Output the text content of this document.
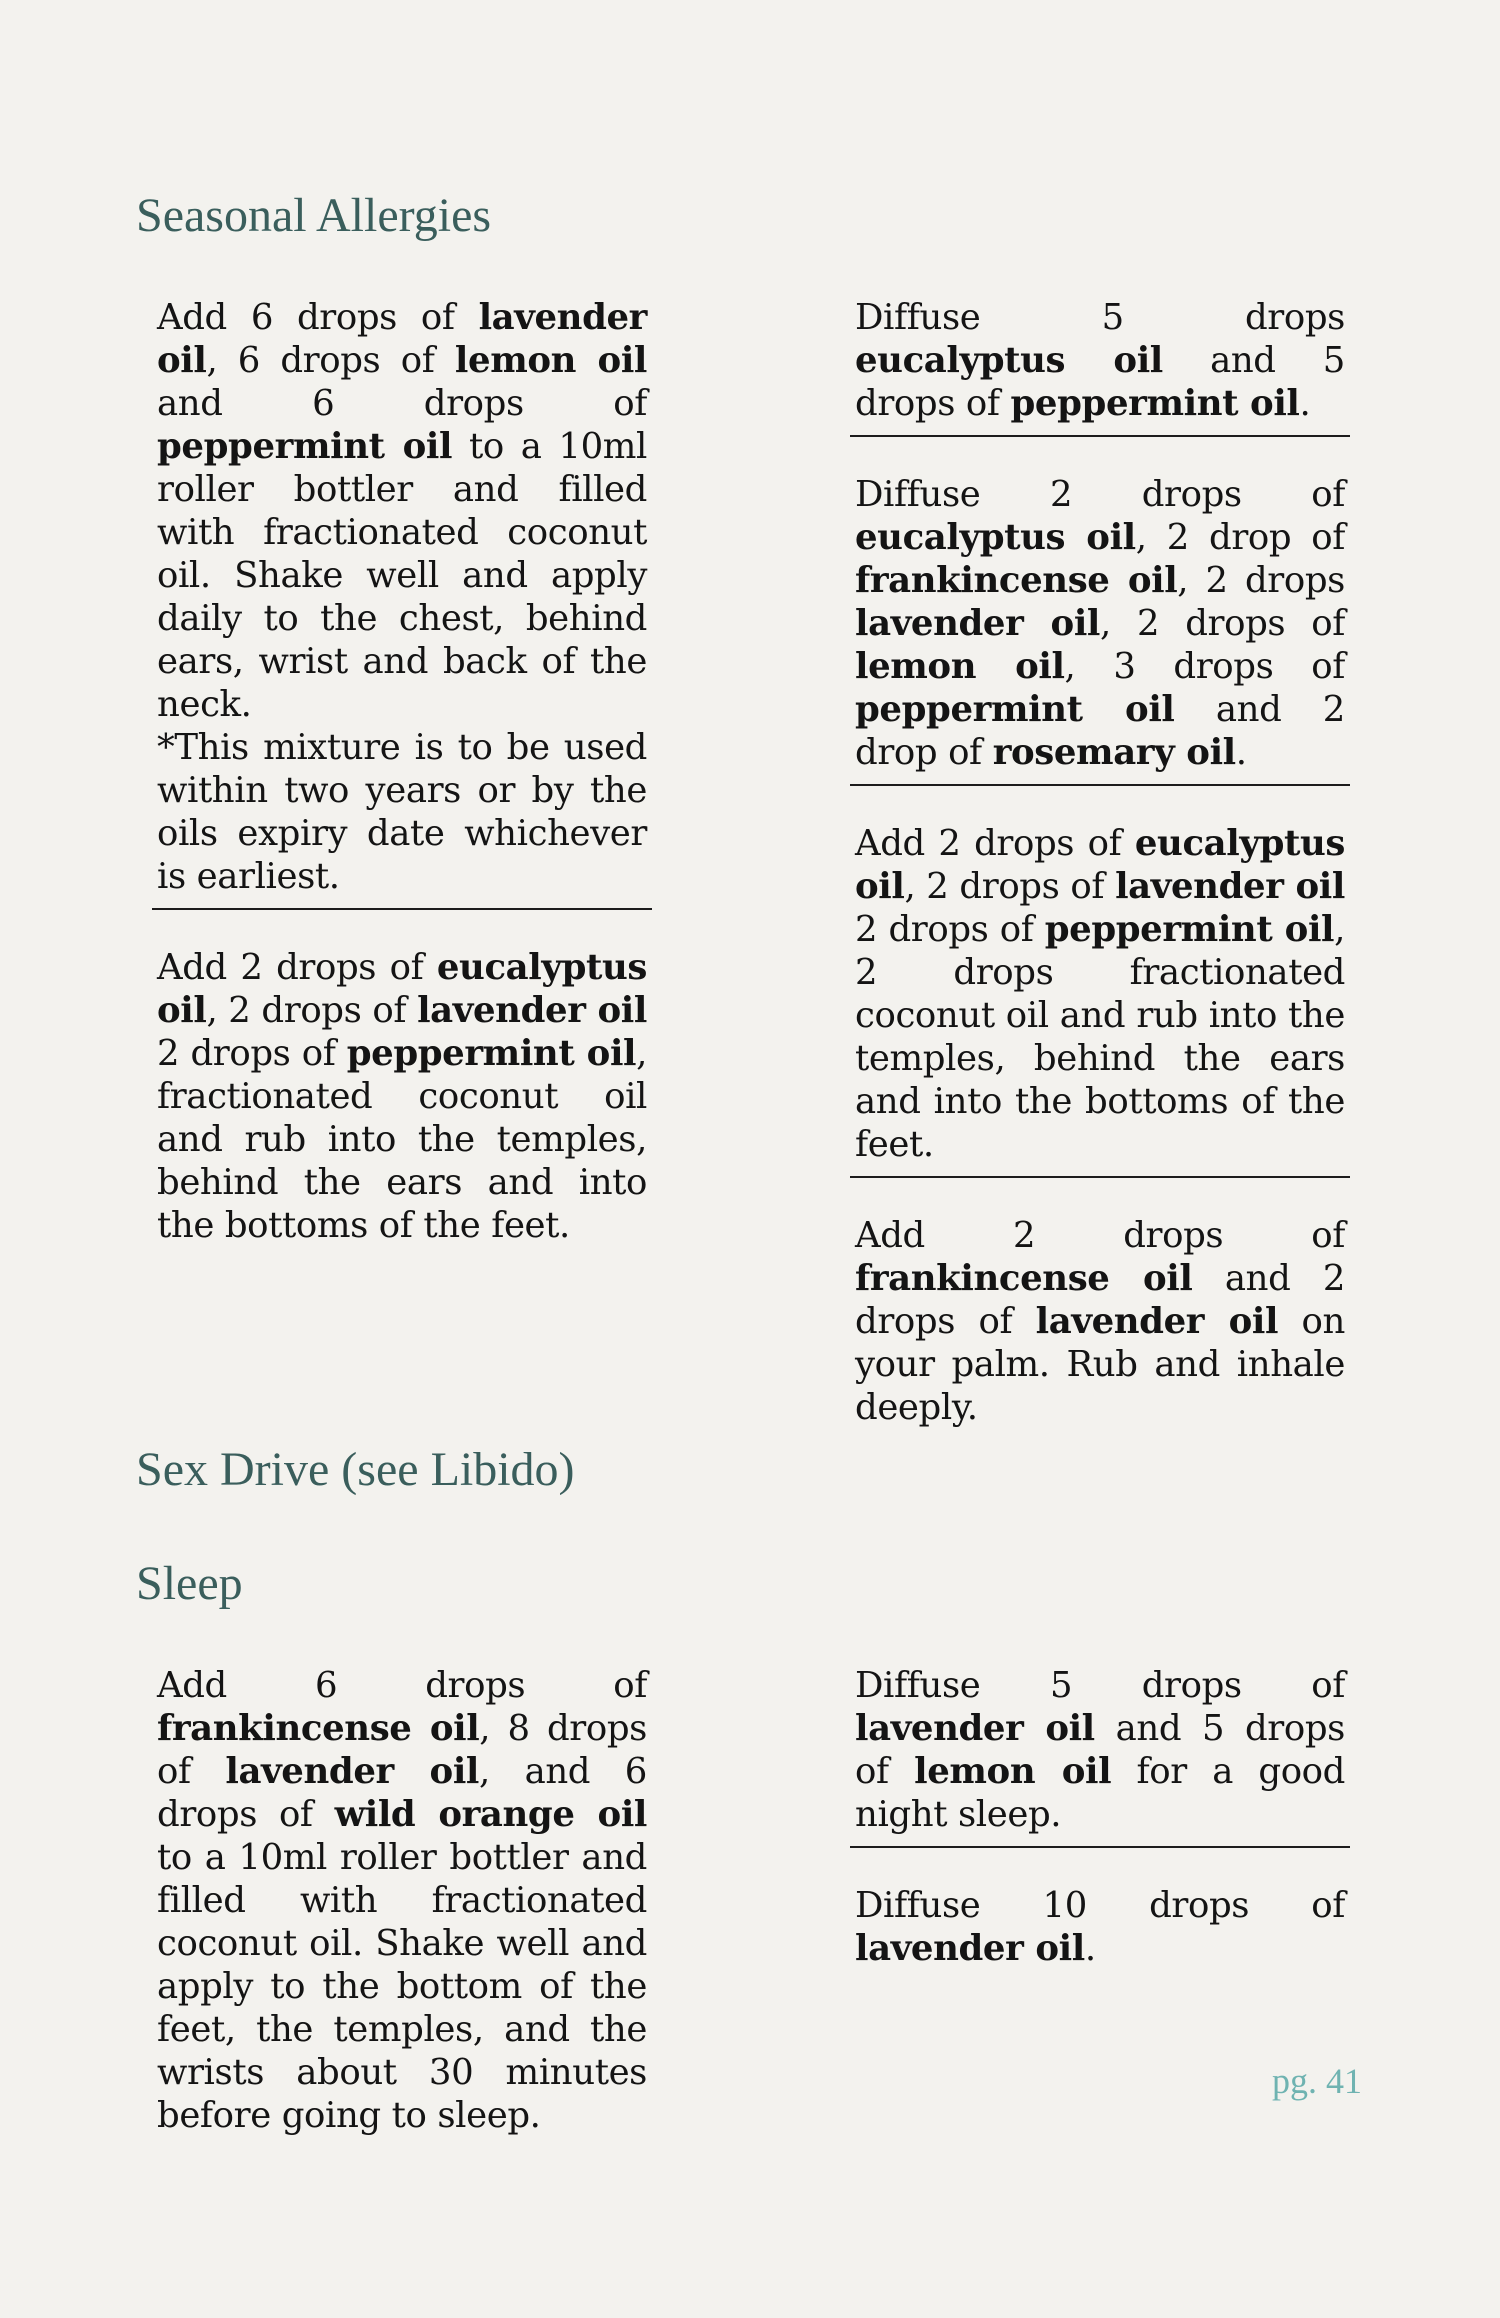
Seasonal Allergies

Add 6 drops of lavender oil, 6 drops of lemon oil and 6 drops of peppermint oil to a 10ml roller bottler and filled with fractionated coconut oil. Shake well and apply daily to the chest, behind ears, wrist and back of the neck.

*This mixture is to be used within two years or by the oils expiry date whichever is earliest.

Add 2 drops of eucalyptus oil, 2 drops of lavender oil 2 drops of peppermint oil, fractionated coconut oil and rub into the temples, behind the ears and into the bottoms of the feet.

Diffuse 5 drops eucalyptus oil and 5 drops of peppermint oil.

Diffuse 2 drops of eucalyptus oil, 2 drop of frankincense oil, 2 drops lavender oil, 2 drops of lemon oil, 3 drops of peppermint oil and 2 drop of rosemary oil.

Add 2 drops of eucalyptus oil, 2 drops of lavender oil 2 drops of peppermint oil, 2 drops fractionated coconut oil and rub into the temples, behind the ears and into the bottoms of the feet.

Add 2 drops of frankincense oil and 2 drops of lavender oil on your palm. Rub and inhale deeply.

Sex Drive (see Libido)
Sleep

Add 6 drops of frankincense oil, 8 drops of lavender oil, and 6 drops of wild orange oil to a 10ml roller bottler and filled with fractionated coconut oil. Shake well and apply to the bottom of the feet, the temples, and the wrists about 30 minutes before going to sleep.

Diffuse 5 drops of lavender oil and 5 drops of lemon oil for a good night sleep.

Diffuse 10 drops of lavender oil.

pg. 41
